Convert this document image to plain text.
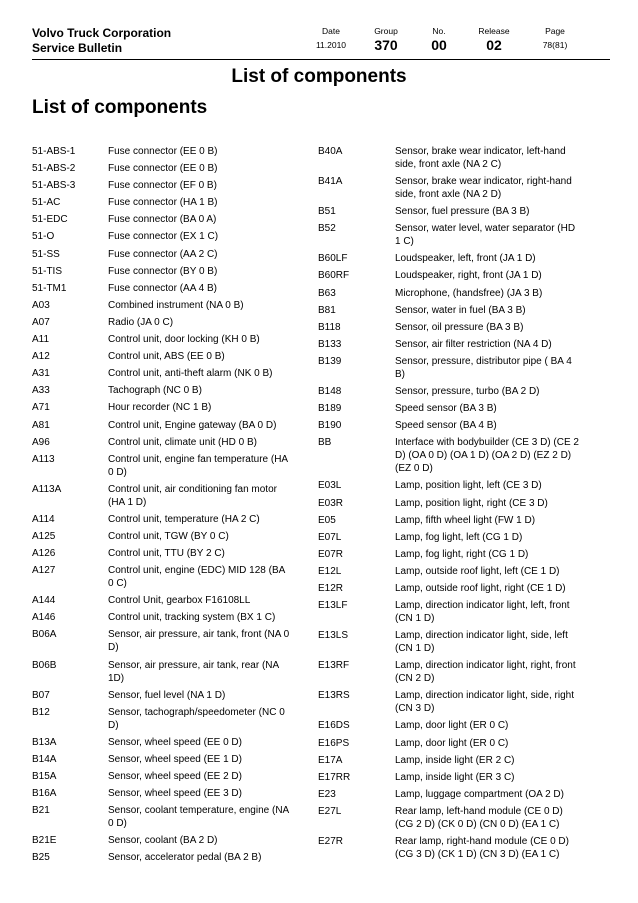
Volvo Truck Corporation
Service Bulletin
Date
11.2010
Group
370
No.
00
Release
02
Page
78(81)
List of components
List of components
51-ABS-1	Fuse connector (EE 0 B)
51-ABS-2	Fuse connector (EE 0 B)
51-ABS-3	Fuse connector (EF 0 B)
51-AC	Fuse connector (HA 1 B)
51-EDC	Fuse connector (BA 0 A)
51-O	Fuse connector (EX 1 C)
51-SS	Fuse connector (AA 2 C)
51-TIS	Fuse connector (BY 0 B)
51-TM1	Fuse connector (AA 4 B)
A03	Combined instrument (NA 0 B)
A07	Radio (JA 0 C)
A11	Control unit, door locking (KH 0 B)
A12	Control unit, ABS (EE 0 B)
A31	Control unit, anti-theft alarm (NK 0 B)
A33	Tachograph (NC 0 B)
A71	Hour recorder (NC 1 B)
A81	Control unit, Engine gateway (BA 0 D)
A96	Control unit, climate unit (HD 0 B)
A113	Control unit, engine fan temperature (HA 0 D)
A113A	Control unit, air conditioning fan motor (HA 1 D)
A114	Control unit, temperature (HA 2 C)
A125	Control unit, TGW (BY 0 C)
A126	Control unit, TTU (BY 2 C)
A127	Control unit, engine (EDC) MID 128 (BA 0 C)
A144	Control Unit, gearbox F16108LL
A146	Control unit, tracking system (BX 1 C)
B06A	Sensor, air pressure, air tank, front (NA 0 D)
B06B	Sensor, air pressure, air tank, rear (NA 1D)
B07	Sensor, fuel level (NA 1 D)
B12	Sensor, tachograph/speedometer (NC 0 D)
B13A	Sensor, wheel speed (EE 0 D)
B14A	Sensor, wheel speed (EE 1 D)
B15A	Sensor, wheel speed (EE 2 D)
B16A	Sensor, wheel speed (EE 3 D)
B21	Sensor, coolant temperature, engine (NA 0 D)
B21E	Sensor, coolant (BA 2 D)
B25	Sensor, accelerator pedal (BA 2 B)
B40A	Sensor, brake wear indicator, left-hand side, front axle (NA 2 C)
B41A	Sensor, brake wear indicator, right-hand side, front axle (NA 2 D)
B51	Sensor, fuel pressure (BA 3 B)
B52	Sensor, water level, water separator (HD 1 C)
B60LF	Loudspeaker, left, front (JA 1 D)
B60RF	Loudspeaker, right, front (JA 1 D)
B63	Microphone, (handsfree) (JA 3 B)
B81	Sensor, water in fuel (BA 3 B)
B118	Sensor, oil pressure (BA 3 B)
B133	Sensor, air filter restriction (NA 4 D)
B139	Sensor, pressure, distributor pipe ( BA 4 B)
B148	Sensor, pressure, turbo (BA 2 D)
B189	Speed sensor (BA 3 B)
B190	Speed sensor (BA 4 B)
BB	Interface with bodybuilder (CE 3 D) (CE 2 D) (OA 0 D) (OA 1 D) (OA 2 D) (EZ 2 D) (EZ 0 D)
E03L	Lamp, position light, left (CE 3 D)
E03R	Lamp, position light, right (CE 3 D)
E05	Lamp, fifth wheel light (FW 1 D)
E07L	Lamp, fog light, left (CG 1 D)
E07R	Lamp, fog light, right (CG 1 D)
E12L	Lamp, outside roof light, left (CE 1 D)
E12R	Lamp, outside roof light, right (CE 1 D)
E13LF	Lamp, direction indicator light, left, front (CN 1 D)
E13LS	Lamp, direction indicator light, side, left (CN 1 D)
E13RF	Lamp, direction indicator light, right, front (CN 2 D)
E13RS	Lamp, direction indicator light, side, right (CN 3 D)
E16DS	Lamp, door light (ER 0 C)
E16PS	Lamp, door light (ER 0 C)
E17A	Lamp, inside light (ER 2 C)
E17RR	Lamp, inside light (ER 3 C)
E23	Lamp, luggage compartment (OA 2 D)
E27L	Rear lamp, left-hand module (CE 0 D) (CG 2 D) (CK 0 D) (CN 0 D) (EA 1 C)
E27R	Rear lamp, right-hand module (CE 0 D) (CG 3 D) (CK 1 D) (CN 3 D) (EA 1 C)
